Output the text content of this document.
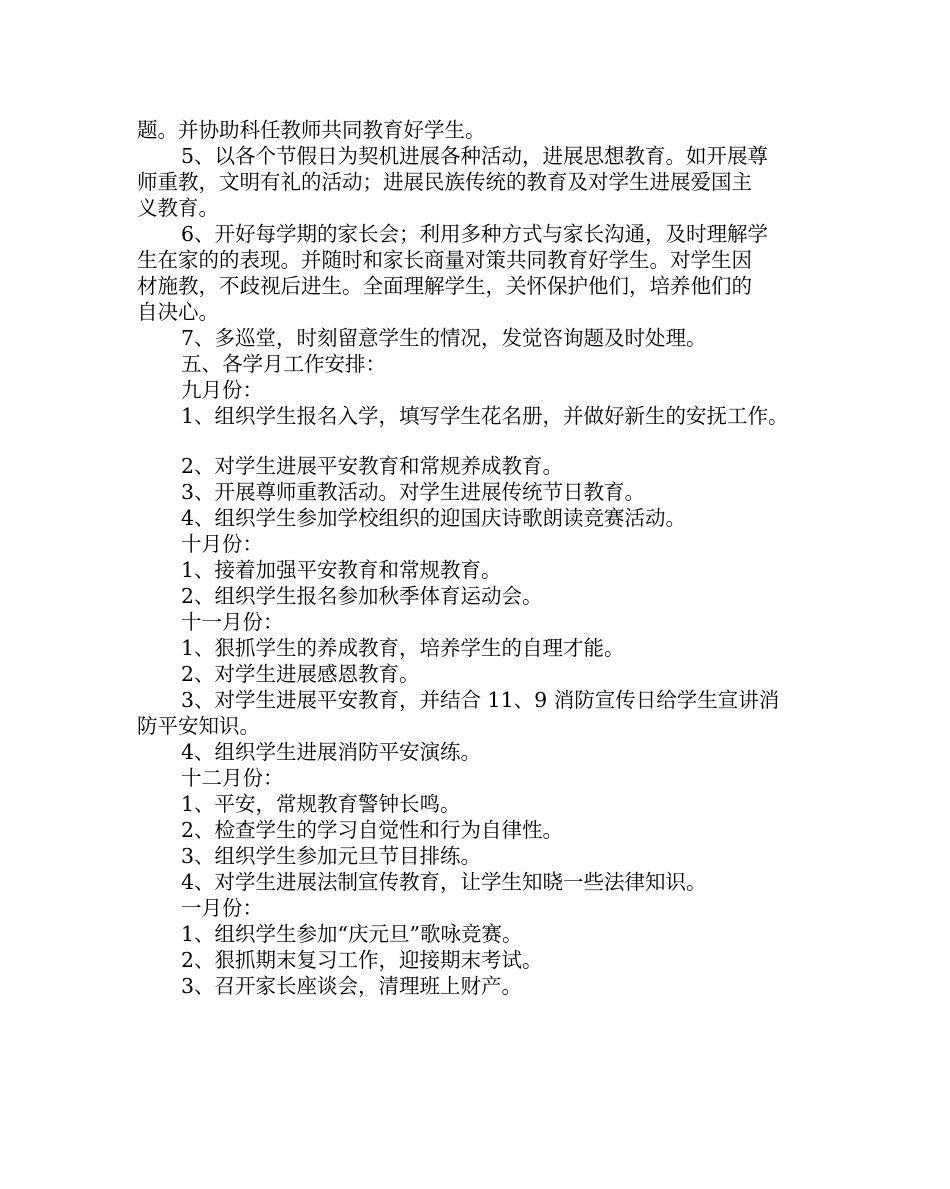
题。并协助科任教师共同教育好学生。
5、以各个节假日为契机进展各种活动，进展思想教育。如开展尊
师重教，文明有礼的活动；进展民族传统的教育及对学生进展爱国主
义教育。
6、开好每学期的家长会；利用多种方式与家长沟通，及时理解学
生在家的的表现。并随时和家长商量对策共同教育好学生。对学生因
材施教，不歧视后进生。全面理解学生，关怀保护他们，培养他们的
自决心。
7、多巡堂，时刻留意学生的情况，发觉咨询题及时处理。
五、各学月工作安排：
九月份：
1、组织学生报名入学，填写学生花名册，并做好新生的安抚工作。
2、对学生进展平安教育和常规养成教育。
3、开展尊师重教活动。对学生进展传统节日教育。
4、组织学生参加学校组织的迎国庆诗歌朗读竞赛活动。
十月份：
1、接着加强平安教育和常规教育。
2、组织学生报名参加秋季体育运动会。
十一月份：
1、狠抓学生的养成教育，培养学生的自理才能。
2、对学生进展感恩教育。
3、对学生进展平安教育，并结合 11、9 消防宣传日给学生宣讲消
防平安知识。
4、组织学生进展消防平安演练。
十二月份：
1、平安，常规教育警钟长鸣。
2、检查学生的学习自觉性和行为自律性。
3、组织学生参加元旦节目排练。
4、对学生进展法制宣传教育，让学生知晓一些法律知识。
一月份：
1、组织学生参加“庆元旦”歌咏竞赛。
2、狠抓期末复习工作，迎接期末考试。
3、召开家长座谈会，清理班上财产。
